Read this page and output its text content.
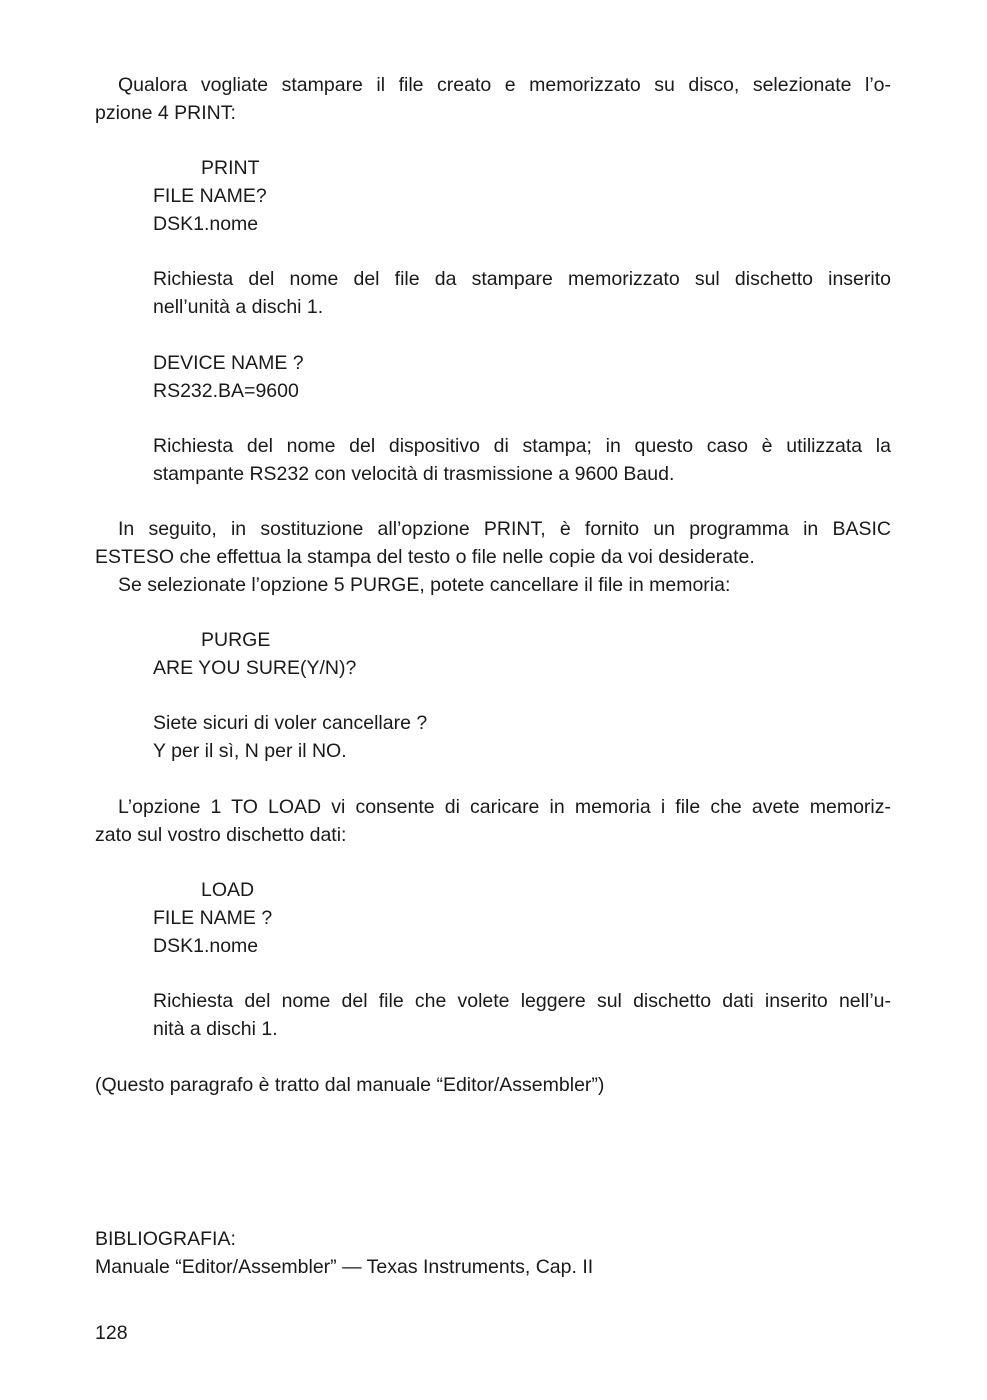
Qualora vogliate stampare il file creato e memorizzato su disco, selezionate l’o-

pzione 4 PRINT:

PRINT

FILE NAME?

DSK1.nome

Richiesta del nome del file da stampare memorizzato sul dischetto inserito

nell’unità a dischi 1.

DEVICE NAME ?

RS232.BA=9600

Richiesta del nome del dispositivo di stampa; in questo caso è utilizzata la

stampante RS232 con velocità di trasmissione a 9600 Baud.

In seguito, in sostituzione all’opzione PRINT, è fornito un programma in BASIC

ESTESO che effettua la stampa del testo o file nelle copie da voi desiderate.

Se selezionate l’opzione 5 PURGE, potete cancellare il file in memoria:

PURGE

ARE YOU SURE(Y/N)?

Siete sicuri di voler cancellare ?

Y per il sì, N per il NO.

L’opzione 1 TO LOAD vi consente di caricare in memoria i file che avete memoriz-

zato sul vostro dischetto dati:

LOAD

FILE NAME ?

DSK1.nome

Richiesta del nome del file che volete leggere sul dischetto dati inserito nell’u-

nità a dischi 1.

(Questo paragrafo è tratto dal manuale “Editor/Assembler”)

BIBLIOGRAFIA:

Manuale “Editor/Assembler” — Texas Instruments, Cap. II

128
